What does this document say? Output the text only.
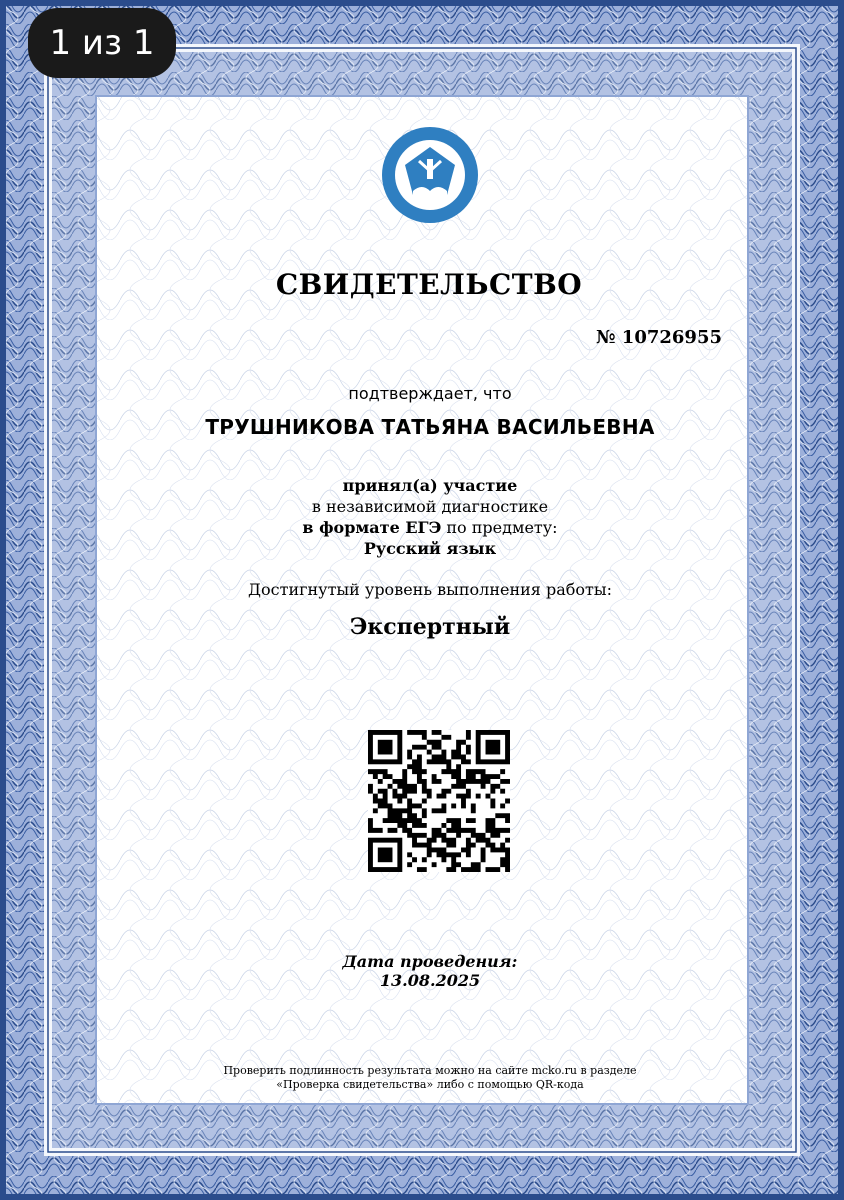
1 из 1
СВИДЕТЕЛЬСТВО
№ 10726955
подтверждает, что
ТРУШНИКОВА ТАТЬЯНА ВАСИЛЬЕВНА
принял(а) участие
в независимой диагностике
в формате ЕГЭ по предмету:
Русский язык
Достигнутый уровень выполнения работы:
Экспертный
Дата проведения:
13.08.2025
Проверить подлинность результата можно на сайте mcko.ru в разделе
«Проверка свидетельства» либо с помощью QR-кода
